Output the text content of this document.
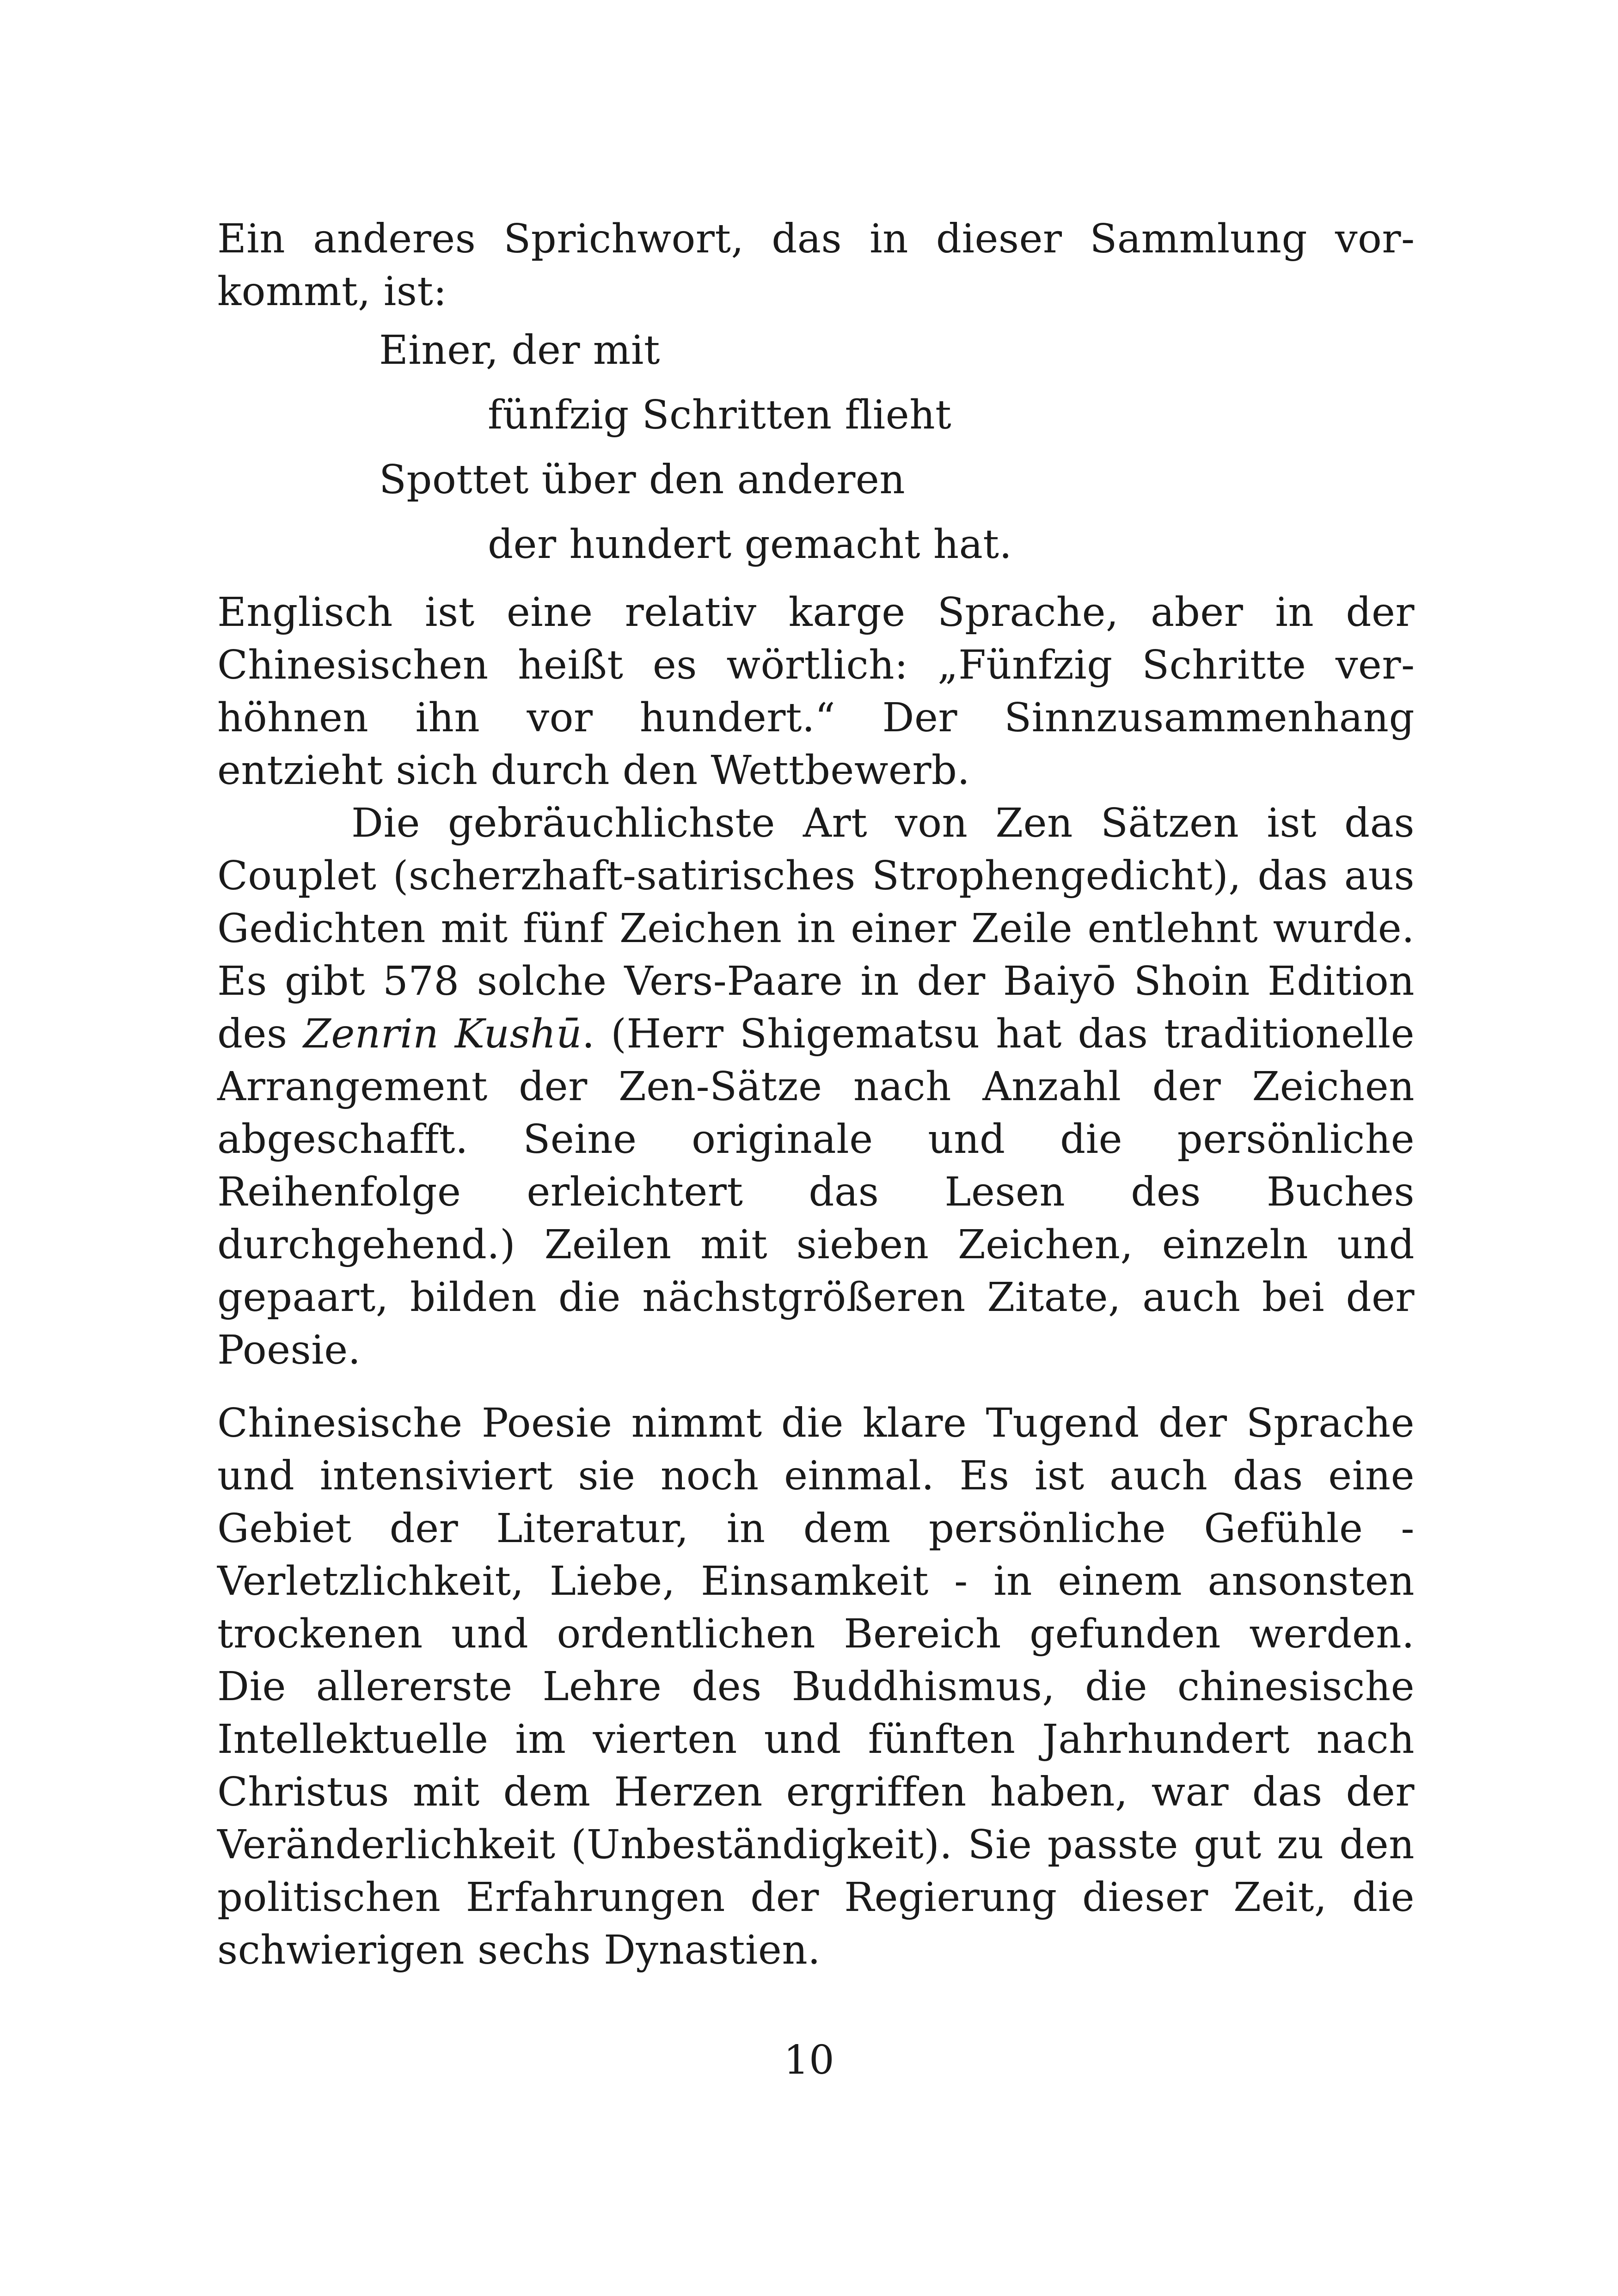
Ein anderes Sprichwort, das in dieser Sammlung vorkommt, ist:

Einer, der mit
fünfzig Schritten flieht
Spottet über den anderen
der hundert gemacht hat.

Englisch ist eine relativ karge Sprache, aber in der Chinesischen heißt es wörtlich: „Fünfzig Schritte verhöhnen ihn vor hundert.“ Der Sinnzusammenhang entzieht sich durch den Wettbewerb.

Die gebräuchlichste Art von Zen Sätzen ist das Couplet (scherzhaft-satirisches Strophengedicht), das aus Gedichten mit fünf Zeichen in einer Zeile entlehnt wurde. Es gibt 578 solche Vers-Paare in der Baiyō Shoin Edition des Zenrin Kushū. (Herr Shigematsu hat das traditionelle Arrangement der Zen-Sätze nach Anzahl der Zeichen abgeschafft. Seine originale und die persönliche Reihenfolge erleichtert das Lesen des Buches durchgehend.) Zeilen mit sieben Zeichen, einzeln und gepaart, bilden die nächstgrößeren Zitate, auch bei der Poesie.

Chinesische Poesie nimmt die klare Tugend der Sprache und intensiviert sie noch einmal. Es ist auch das eine Gebiet der Literatur, in dem persönliche Gefühle - Verletzlichkeit, Liebe, Einsamkeit - in einem ansonsten trockenen und ordentlichen Bereich gefunden werden. Die allererste Lehre des Buddhismus, die chinesische Intellektuelle im vierten und fünften Jahrhundert nach Christus mit dem Herzen ergriffen haben, war das der Veränderlichkeit (Unbeständigkeit). Sie passte gut zu den politischen Erfahrungen der Regierung dieser Zeit, die schwierigen sechs Dynastien.

10
